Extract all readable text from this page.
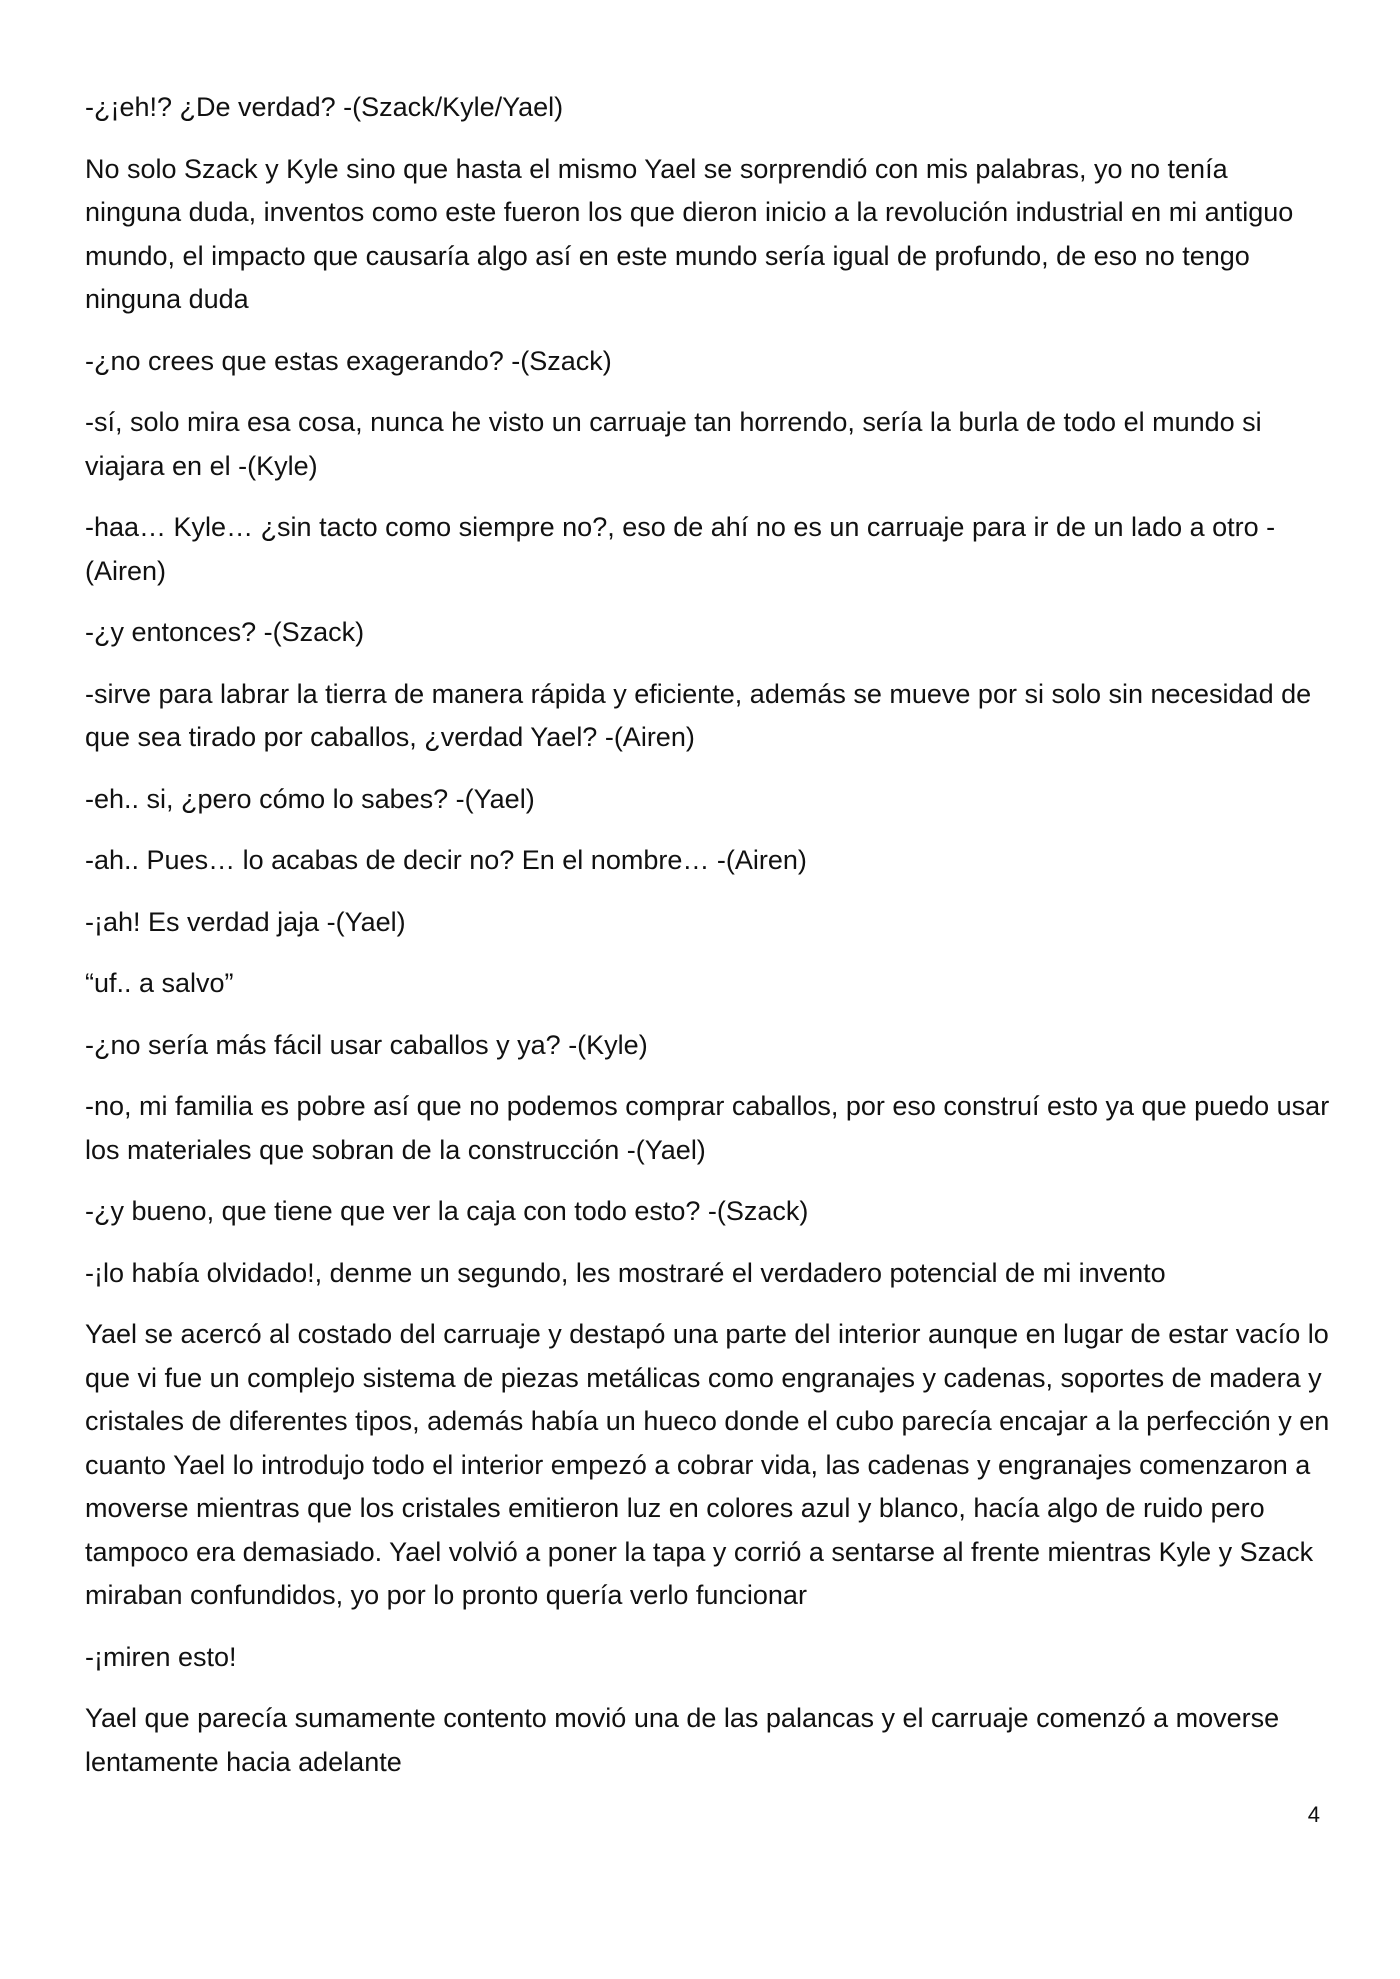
-¿¡eh!? ¿De verdad? -(Szack/Kyle/Yael)

No solo Szack y Kyle sino que hasta el mismo Yael se sorprendió con mis palabras, yo no tenía ninguna duda, inventos como este fueron los que dieron inicio a la revolución industrial en mi antiguo mundo, el impacto que causaría algo así en este mundo sería igual de profundo, de eso no tengo ninguna duda

-¿no crees que estas exagerando? -(Szack)

-sí, solo mira esa cosa, nunca he visto un carruaje tan horrendo, sería la burla de todo el mundo si viajara en el -(Kyle)

-haa… Kyle… ¿sin tacto como siempre no?, eso de ahí no es un carruaje para ir de un lado a otro -(Airen)

-¿y entonces? -(Szack)

-sirve para labrar la tierra de manera rápida y eficiente, además se mueve por si solo sin necesidad de que sea tirado por caballos, ¿verdad Yael? -(Airen)

-eh.. si, ¿pero cómo lo sabes? -(Yael)

-ah.. Pues… lo acabas de decir no? En el nombre… -(Airen)

-¡ah! Es verdad jaja -(Yael)

“uf.. a salvo”

-¿no sería más fácil usar caballos y ya? -(Kyle)

-no, mi familia es pobre así que no podemos comprar caballos, por eso construí esto ya que puedo usar los materiales que sobran de la construcción -(Yael)

-¿y bueno, que tiene que ver la caja con todo esto? -(Szack)

-¡lo había olvidado!, denme un segundo, les mostraré el verdadero potencial de mi invento

Yael se acercó al costado del carruaje y destapó una parte del interior aunque en lugar de estar vacío lo que vi fue un complejo sistema de piezas metálicas como engranajes y cadenas, soportes de madera y cristales de diferentes tipos, además había un hueco donde el cubo parecía encajar a la perfección y en cuanto Yael lo introdujo todo el interior empezó a cobrar vida, las cadenas y engranajes comenzaron a moverse mientras que los cristales emitieron luz en colores azul y blanco, hacía algo de ruido pero tampoco era demasiado. Yael volvió a poner la tapa y corrió a sentarse al frente mientras Kyle y Szack miraban confundidos, yo por lo pronto quería verlo funcionar

-¡miren esto!

Yael que parecía sumamente contento movió una de las palancas y el carruaje comenzó a moverse lentamente hacia adelante

4
